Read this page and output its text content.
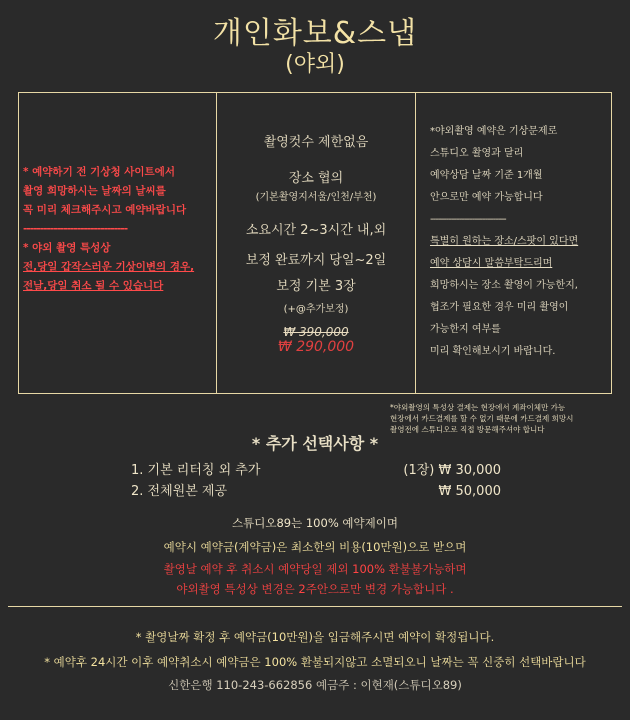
개인화보&스냅
(야외)
* 예약하기 전 기상청 사이트에서
촬영 희망하시는 날짜의 날씨를
꼭 미리 체크해주시고 예약바랍니다
-------------------------------
* 야외 촬영 특성상
전,당일 갑작스러운 기상이변의 경우,
전날,당일 취소 될 수 있습니다
촬영컷수 제한없음
장소 협의
(기본촬영지서울/인천/부천)
소요시간 2~3시간 내,외
보정 완료까지 당일~2일
보정 기본 3장
(+@추가보정)
₩ 390,000
₩ 290,000
*야외촬영 예약은 기상문제로
스튜디오 촬영과 달리
예약상담 날짜 기준 1개월
안으로만 예약 가능합니다
-----------------------------
특별히 원하는 장소/스팟이 있다면
예약 상담시 말씀부탁드리며
희망하시는 장소 촬영이 가능한지,
협조가 필요한 경우 미리 촬영이
가능한지 여부를
미리 확인해보시기 바랍니다.
*야외촬영의 특성상 결제는 현장에서 계좌이체만 가능
현장에서 카드결제를 할 수 없기 때문에 카드결제 희망시
촬영전에 스튜디오로 직접 방문해주셔야 합니다
* 추가 선택사항 *
1. 기본 리터칭 외 추가	(1장) ₩ 30,000
2. 전체원본 제공	₩ 50,000
스튜디오89는 100% 예약제이며
예약시 예약금(계약금)은 최소한의 비용(10만원)으로 받으며
촬영날 예약 후 취소시 예약당일 제외 100% 환불불가능하며
야외촬영 특성상 변경은 2주안으로만 변경 가능합니다 .
* 촬영날짜 확정 후 예약금(10만원)을 입금해주시면 예약이 확정됩니다.
* 예약후 24시간 이후 예약취소시 예약금은 100% 환불되지않고 소멸되오니 날짜는 꼭 신중히 선택바랍니다
신한은행 110-243-662856 예금주 : 이현재(스튜디오89)
